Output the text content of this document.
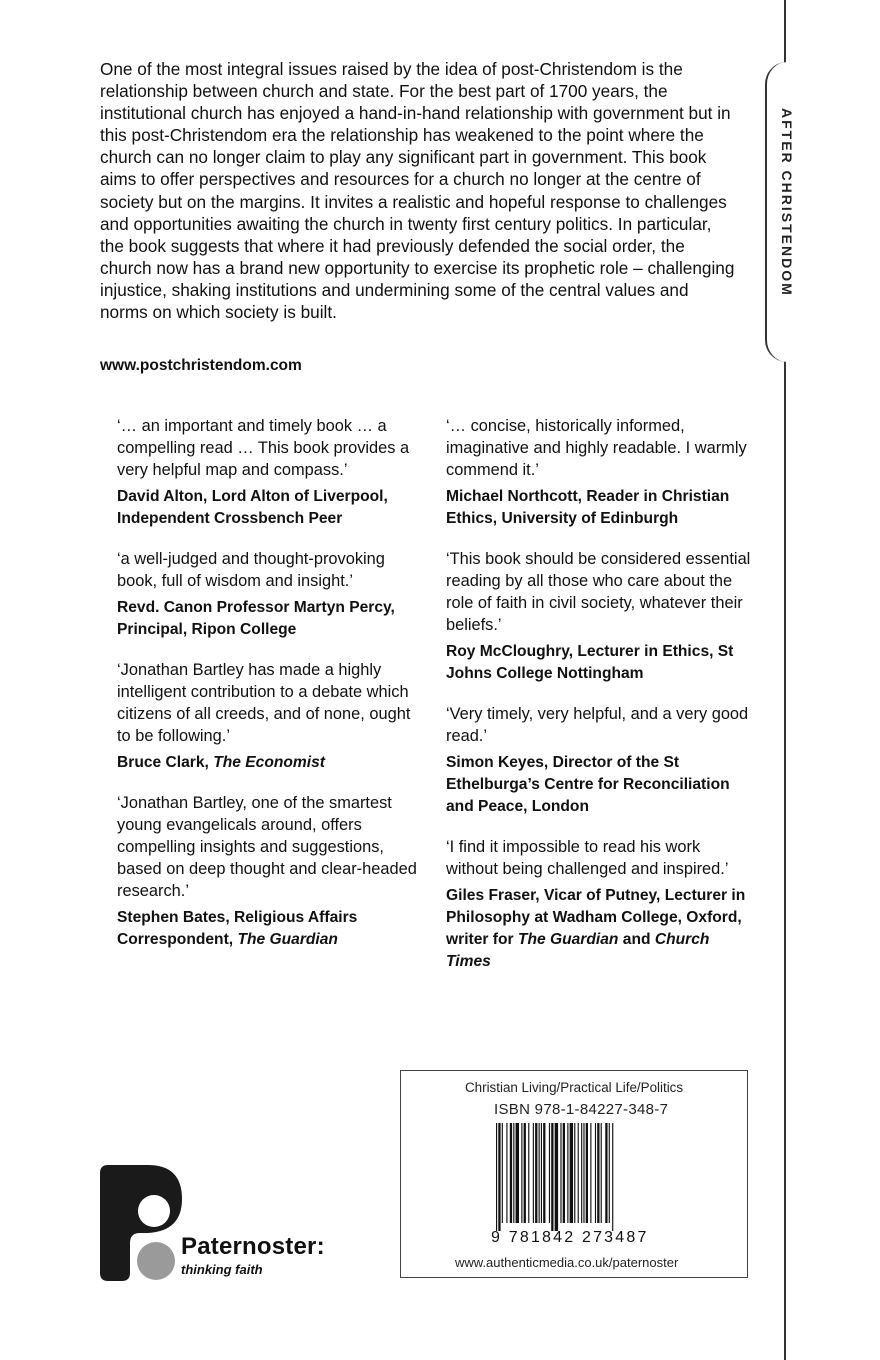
AFTER CHRISTENDOM

One of the most integral issues raised by the idea of post-Christendom is the relationship between church and state. For the best part of 1700 years, the institutional church has enjoyed a hand-in-hand relationship with government but in this post-Christendom era the relationship has weakened to the point where the church can no longer claim to play any significant part in government. This book aims to offer perspectives and resources for a church no longer at the centre of society but on the margins. It invites a realistic and hopeful response to challenges and opportunities awaiting the church in twenty first century politics. In particular, the book suggests that where it had previously defended the social order, the church now has a brand new opportunity to exercise its prophetic role – challenging injustice, shaking institutions and undermining some of the central values and norms on which society is built.

www.postchristendom.com

‘… an important and timely book … a compelling read … This book provides a very helpful map and compass.’

David Alton, Lord Alton of Liverpool, Independent Crossbench Peer

‘a well-judged and thought-provoking book, full of wisdom and insight.’

Revd. Canon Professor Martyn Percy, Principal, Ripon College

‘Jonathan Bartley has made a highly intelligent contribution to a debate which citizens of all creeds, and of none, ought to be following.’

Bruce Clark, The Economist

‘Jonathan Bartley, one of the smartest young evangelicals around, offers compelling insights and suggestions, based on deep thought and clear-headed research.’

Stephen Bates, Religious Affairs Correspondent, The Guardian

‘… concise, historically informed, imaginative and highly readable. I warmly commend it.’

Michael Northcott, Reader in Christian Ethics, University of Edinburgh

‘This book should be considered essential reading by all those who care about the role of faith in civil society, whatever their beliefs.’

Roy McCloughry, Lecturer in Ethics, St Johns College Nottingham

‘Very timely, very helpful, and a very good read.’

Simon Keyes, Director of the St Ethelburga’s Centre for Reconciliation and Peace, London

‘I find it impossible to read his work without being challenged and inspired.’

Giles Fraser, Vicar of Putney, Lecturer in Philosophy at Wadham College, Oxford, writer for The Guardian and Church Times

Paternoster:
thinking faith
Christian Living/Practical Life/Politics
ISBN 978-1-84227-348-7
9 781842 273487
www.authenticmedia.co.uk/paternoster
